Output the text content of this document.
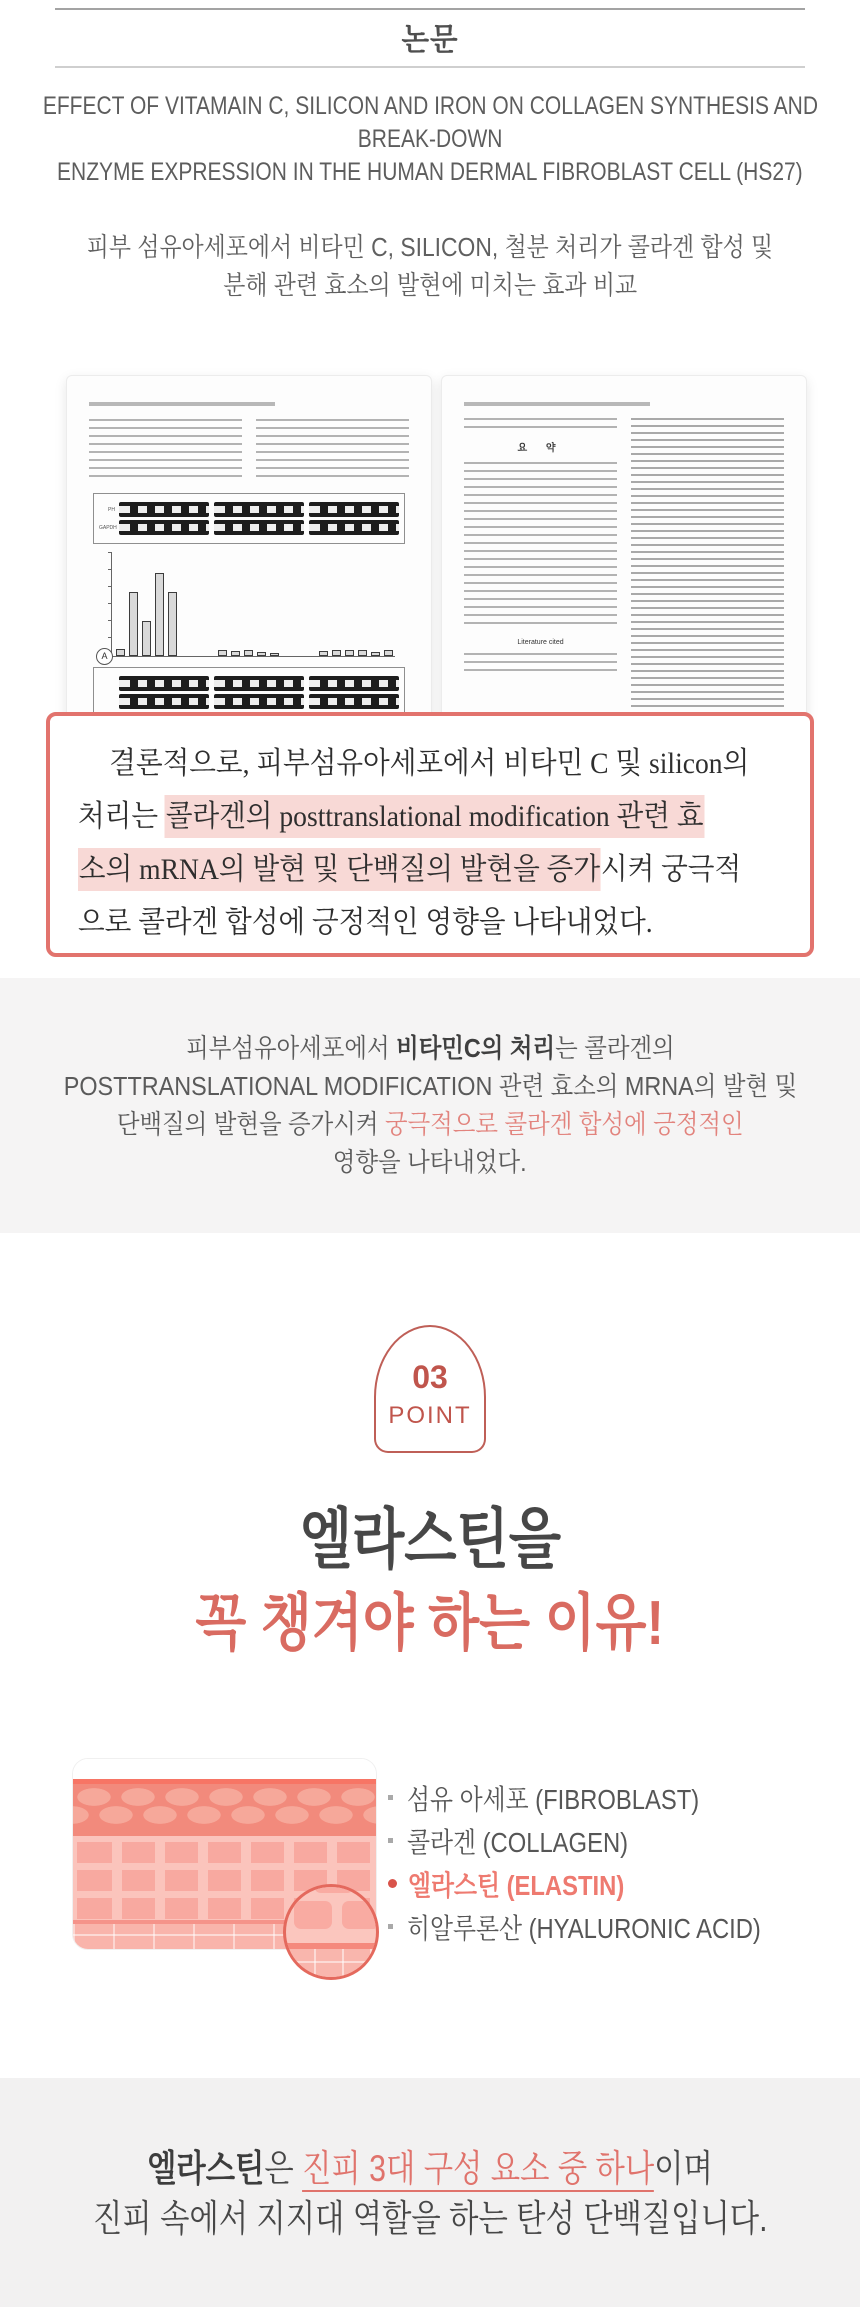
논문
EFFECT OF VITAMAIN C, SILICON AND IRON ON COLLAGEN SYNTHESIS AND
BREAK-DOWN
ENZYME EXPRESSION IN THE HUMAN DERMAL FIBROBLAST CELL (HS27)
피부 섬유아세포에서 비타민 C, SILICON, 철분 처리가 콜라겐 합성 및
분해 관련 효소의 발현에 미치는 효과 비교
PH
GAPDH
A
요 약
Literature cited
결론적으로, 피부섬유아세포에서 비타민 C 및 silicon의
처리는 콜라겐의 posttranslational modification 관련 효
소의 mRNA의 발현 및 단백질의 발현을 증가시켜 궁극적
으로 콜라겐 합성에 긍정적인 영향을 나타내었다.
피부섬유아세포에서 비타민C의 처리는 콜라겐의
POSTTRANSLATIONAL MODIFICATION 관련 효소의 MRNA의 발현 및
단백질의 발현을 증가시켜 궁극적으로 콜라겐 합성에 긍정적인
영향을 나타내었다.
03
POINT
엘라스틴을
꼭 챙겨야 하는 이유!
섬유 아세포 (FIBROBLAST)
콜라겐 (COLLAGEN)
엘라스틴 (ELASTIN)
히알루론산 (HYALURONIC ACID)
엘라스틴은 진피 3대 구성 요소 중 하나이며
진피 속에서 지지대 역할을 하는 탄성 단백질입니다.
